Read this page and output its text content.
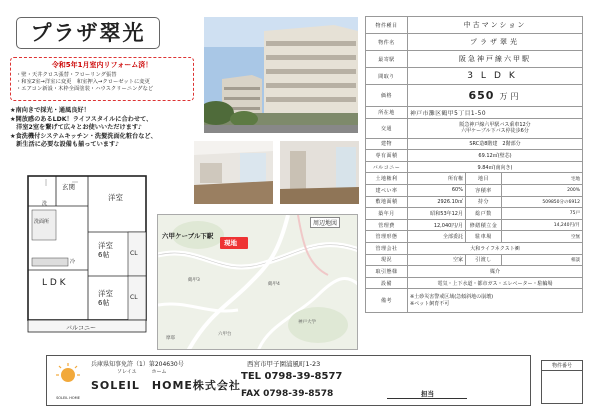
プラザ翠光
令和5年1月室内リフォーム済！
・壁・天井クロス張替・フローリング張替
・和室2室→洋室に変更　和室押入→クローゼットに変更
・エアコン新設・木枠全面塗装・ハウスクリーニングなど
★南向きで採光・通風良好！
★開放感のあるLDK！ライフスタイルに合わせて、
　洋室2室を繋げて広々とお使いいただけます♪
★食洗機付システムキッチン・洗髪洗面化粧台など、
　新生活に必要な設備も揃っています♪
玄関
洗面所
洋室
洋室
6帖
洋室
6帖
CL
CL
L D K
冷
洗
バルコニー
現地
六甲ケーブル下駅
周辺地図
鶴甲3
鶴甲4
神戸大学
六甲台
摩耶
物件種目	中古マンション		
物件名	プラザ翠光		
最寄駅	阪急神戸線六甲駅		
間取り	3LDK		
価格	650　 万円		
所在地	神戸市灘区鶴甲5丁目1-50		
交通	阪急神戸線六甲駅バス乗車12分
六甲ケーブル下バス停徒歩6分		

建物	SRC造8階建　2階部分		
専有面積	69.12㎡(壁芯)		
バルコニー	9.84㎡(南向き)		
土地権利	所有権	地目	宅地
建ぺい率	60%	容積率	200%
敷地面積	2926.10㎡	持分	509850分の6912
築年月	昭和53年12月	総戸数	75戸
管理費	12,040円/月	修繕積立金	14,240円/月
管理形態	全部委託	駐車場	空無
管理会社	大和ライフネクスト㈱		
現況	空家	引渡し	相談
取引態様	媒介		
設備	電気・上下水道・都市ガス・エレベーター・駐輪場		
備考	※土砂災害警戒区域(急傾斜地の崩壊)
※ペット飼育不可		
SOLEIL HOME
兵庫県知事免許（1）第204630号	西宮市甲子園浦風町1-23
ソレイユ　　　ホーム
SOLEIL　HOME株式会社
TEL 0798-39-8577
FAX 0798-39-8578	担当
物件番号
